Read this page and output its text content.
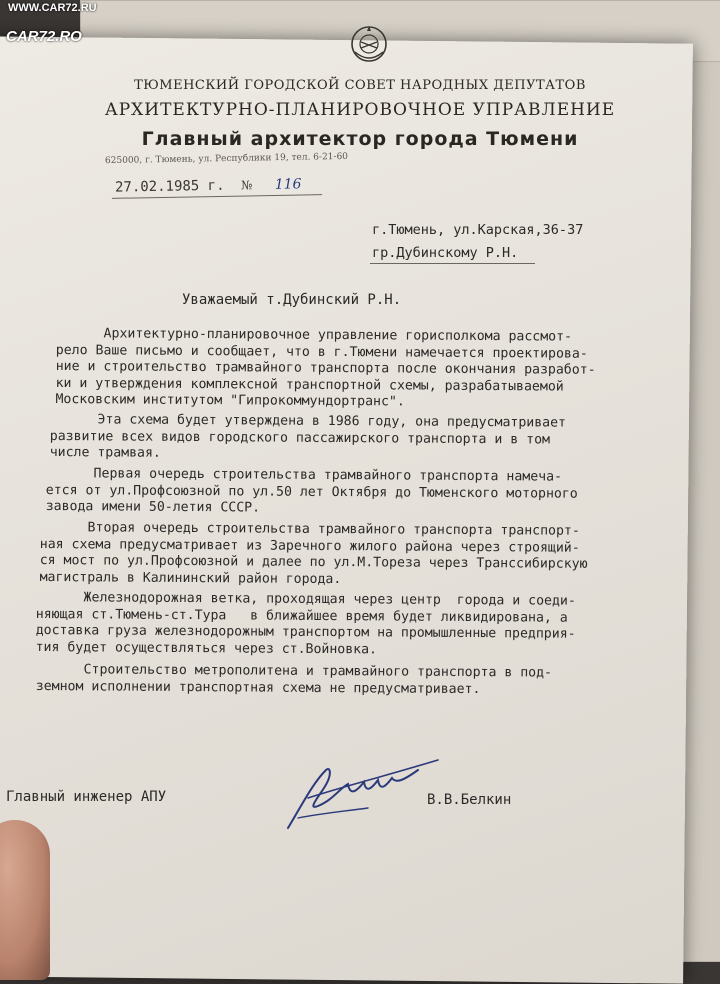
WWW.CAR72.RU
CAR72.RO
ТЮМЕНСКИЙ ГОРОДСКОЙ СОВЕТ НАРОДНЫХ ДЕПУТАТОВ
АРХИТЕКТУРНО-ПЛАНИРОВОЧНОЕ УПРАВЛЕНИЕ
Главный архитектор города Тюмени
625000, г. Тюмень, ул. Республики 19, тел. 6-21-60
27.02.1985 г. № 116
г.Тюмень, ул.Карская,36-37
гр.Дубинскому Р.Н.
Уважаемый т.Дубинский Р.Н.
Архитектурно-планировочное управление горисполкома рассмот-
рело Ваше письмо и сообщает, что в г.Тюмени намечается проектирова-
ние и строительство трамвайного транспорта после окончания разработ-
ки и утверждения комплексной транспортной схемы, разрабатываемой
Московским институтом "Гипрокоммундортранс".
Эта схема будет утверждена в 1986 году, она предусматривает
развитие всех видов городского пассажирского транспорта и в том
числе трамвая.
Первая очередь строительства трамвайного транспорта намеча-
ется от ул.Профсоюзной по ул.50 лет Октября до Тюменского моторного
завода имени 50-летия СССР.
Вторая очередь строительства трамвайного транспорта транспорт-
ная схема предусматривает из Заречного жилого района через строящий-
ся мост по ул.Профсоюзной и далее по ул.М.Тореза через Транссибирскую
магистраль в Калининский район города.
Железнодорожная ветка, проходящая через центр  города и соеди-
няющая ст.Тюмень-ст.Тура   в ближайшее время будет ликвидирована, а
доставка груза железнодорожным транспортом на промышленные предприя-
тия будет осуществляться через ст.Войновка.
Строительство метрополитена и трамвайного транспорта в под-
земном исполнении транспортная схема не предусматривает.
Главный инженер АПУ	В.В.Белкин
